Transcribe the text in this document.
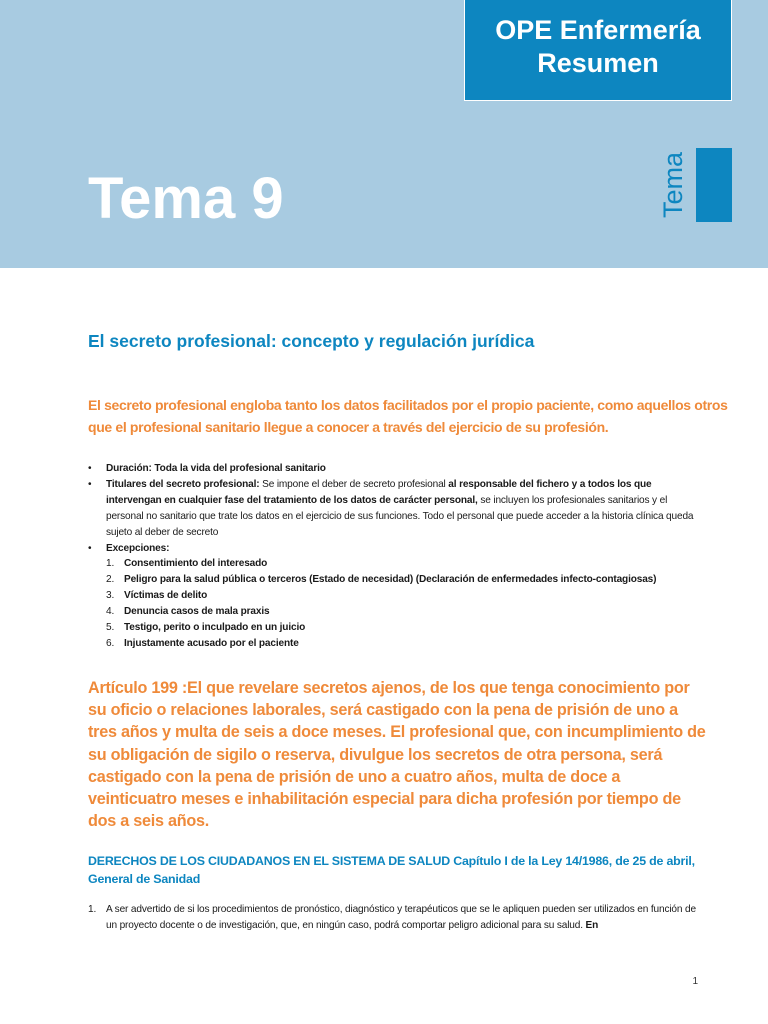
OPE Enfermería
Resumen
Tema 9	Tema
El secreto profesional: concepto y regulación jurídica

El secreto profesional engloba tanto los datos facilitados por el propio paciente, como aquellos otros que el profesional sanitario llegue a conocer a través del ejercicio de su profesión.

• Duración: Toda la vida del profesional sanitario
• Titulares del secreto profesional: Se impone el deber de secreto profesional al responsable del fichero y a todos los que intervengan en cualquier fase del tratamiento de los datos de carácter personal, se incluyen los profesionales sanitarios y el personal no sanitario que trate los datos en el ejercicio de sus funciones. Todo el personal que puede acceder a la historia clínica queda sujeto al deber de secreto
• Excepciones:
1. Consentimiento del interesado
2. Peligro para la salud pública o terceros (Estado de necesidad) (Declaración de enfermedades infecto-contagiosas)
3. Víctimas de delito
4. Denuncia casos de mala praxis
5. Testigo, perito o inculpado en un juicio
6. Injustamente acusado por el paciente

Artículo 199 :El que revelare secretos ajenos, de los que tenga conocimiento por su oficio o relaciones laborales, será castigado con la pena de prisión de uno a tres años y multa de seis a doce meses. El profesional que, con incumplimiento de su obligación de sigilo o reserva, divulgue los secretos de otra persona, será castigado con la pena de prisión de uno a cuatro años, multa de doce a veinticuatro meses e inhabilitación especial para dicha profesión por tiempo de dos a seis años.

DERECHOS DE LOS CIUDADANOS EN EL SISTEMA DE SALUD Capítulo I de la Ley 14/1986, de 25 de abril, General de Sanidad
1. A ser advertido de si los procedimientos de pronóstico, diagnóstico y terapéuticos que se le apliquen pueden ser utilizados en función de un proyecto docente o de investigación, que, en ningún caso, podrá comportar peligro adicional para su salud. En
1
